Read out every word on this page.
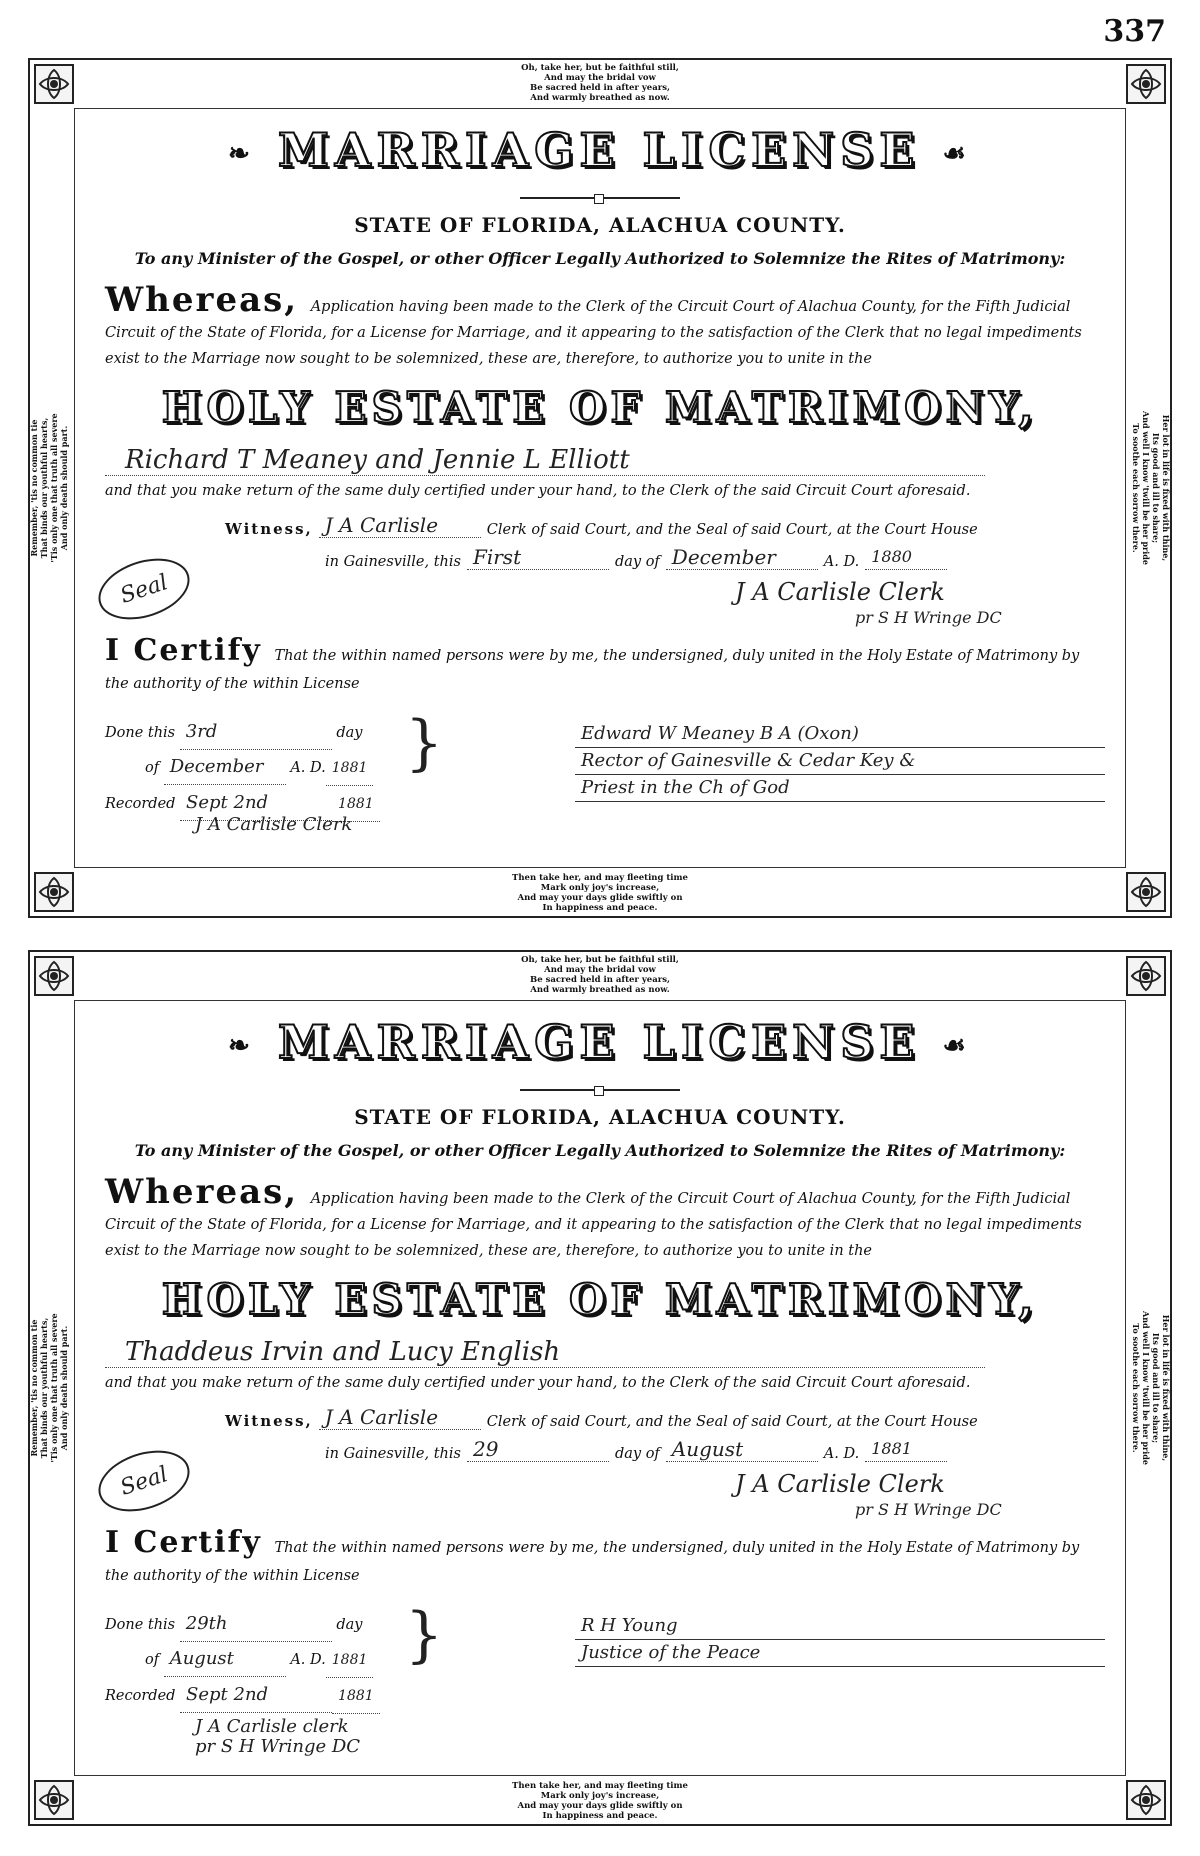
337
Oh, take her, but be faithful still,
And may the bridal vow
Be sacred held in after years,
And warmly breathed as now.
Then take her, and may fleeting time
Mark only joy's increase,
And may your days glide swiftly on
In happiness and peace.
Remember, 'tis no common tie That binds our youthful hearts, 'Tis only one that truth all severe And only death should part.	Her lot in life is fixed with thine,
Its good and ill to share;
And well I know 'twill be her pride
To soothe each sorrow there.
❧ MARRIAGE LICENSE ☙
STATE OF FLORIDA, ALACHUA COUNTY.
To any Minister of the Gospel, or other Officer Legally Authorized to Solemnize the Rites of Matrimony:
Whereas, Application having been made to the Clerk of the Circuit Court of Alachua County, for the Fifth Judicial Circuit of the State of Florida, for a License for Marriage, and it appearing to the satisfaction of the Clerk that no legal impediments exist to the Marriage now sought to be solemnized, these are, therefore, to authorize you to unite in the
HOLY ESTATE OF MATRIMONY,
Richard T Meaney and Jennie L Elliott
and that you make return of the same duly certified under your hand, to the Clerk of the said Circuit Court aforesaid.
Witness, J A Carlisle	Clerk of said Court, and the Seal of said Court, at the Court House
in Gainesville, this First	day of December	A. D. 1880
Seal	J A Carlisle Clerk
pr S H Wringe DC
I Certify That the within named persons were by me, the undersigned, duly united in the Holy Estate of Matrimony by the authority of the within License
Done this 3rd	day
of December A. D. 1881
Recorded Sept 2nd	1881
}	Edward W Meaney B A (Oxon)
Rector of Gainesville & Cedar Key &
Priest in the Ch of God
J A Carlisle Clerk
Oh, take her, but be faithful still,
And may the bridal vow
Be sacred held in after years,
And warmly breathed as now.
Then take her, and may fleeting time
Mark only joy's increase,
And may your days glide swiftly on
In happiness and peace.
Remember, 'tis no common tie That binds our youthful hearts, 'Tis only one that truth all severe And only death should part.	Her lot in life is fixed with thine,
Its good and ill to share;
And well I know 'twill be her pride
To soothe each sorrow there.
❧ MARRIAGE LICENSE ☙
STATE OF FLORIDA, ALACHUA COUNTY.
To any Minister of the Gospel, or other Officer Legally Authorized to Solemnize the Rites of Matrimony:
Whereas, Application having been made to the Clerk of the Circuit Court of Alachua County, for the Fifth Judicial Circuit of the State of Florida, for a License for Marriage, and it appearing to the satisfaction of the Clerk that no legal impediments exist to the Marriage now sought to be solemnized, these are, therefore, to authorize you to unite in the
HOLY ESTATE OF MATRIMONY,
Thaddeus Irvin and Lucy English
and that you make return of the same duly certified under your hand, to the Clerk of the said Circuit Court aforesaid.
Witness, J A Carlisle	Clerk of said Court, and the Seal of said Court, at the Court House
in Gainesville, this 29	day of August	A. D. 1881
Seal	J A Carlisle Clerk
pr S H Wringe DC
I Certify That the within named persons were by me, the undersigned, duly united in the Holy Estate of Matrimony by the authority of the within License
Done this 29th	day
of August	A. D. 1881
Recorded Sept 2nd	1881
}	R H Young
Justice of the Peace
J A Carlisle clerk
pr S H Wringe DC
